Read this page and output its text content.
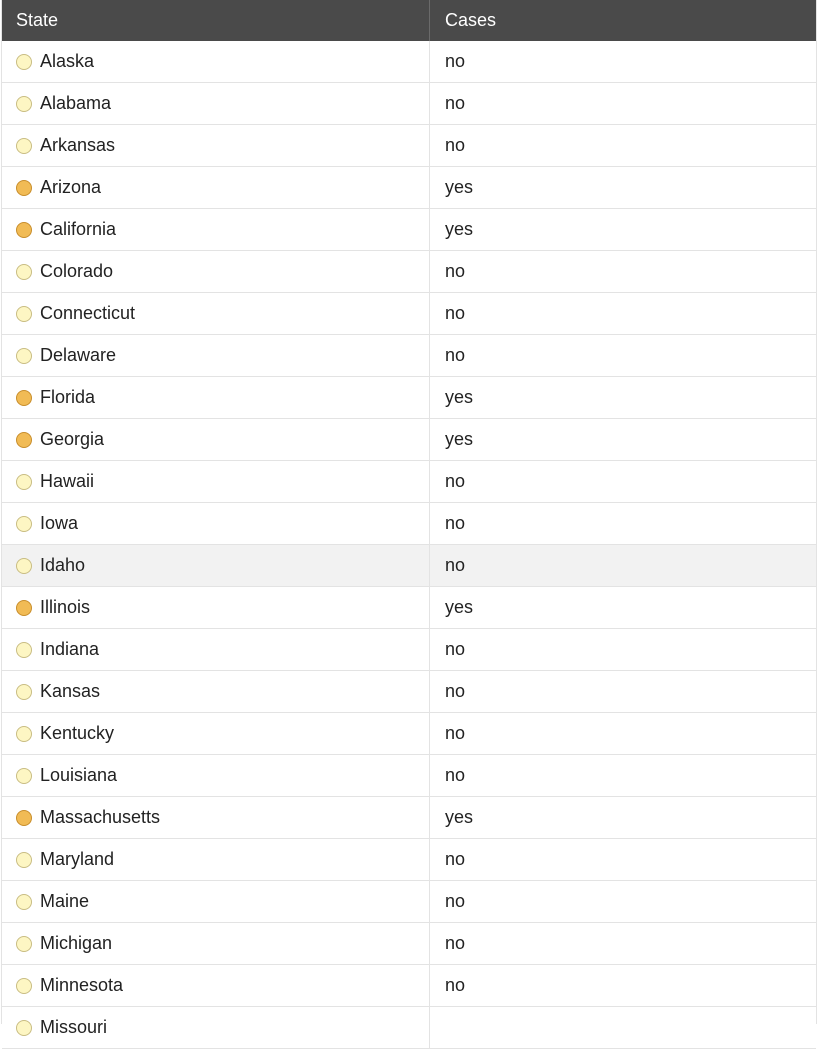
State	Cases
Alaska	no
Alabama	no
Arkansas	no
Arizona	yes
California	yes
Colorado	no
Connecticut	no
Delaware	no
Florida	yes
Georgia	yes
Hawaii	no
Iowa	no
Idaho	no
Illinois	yes
Indiana	no
Kansas	no
Kentucky	no
Louisiana	no
Massachusetts	yes
Maryland	no
Maine	no
Michigan	no
Minnesota	no
Missouri
